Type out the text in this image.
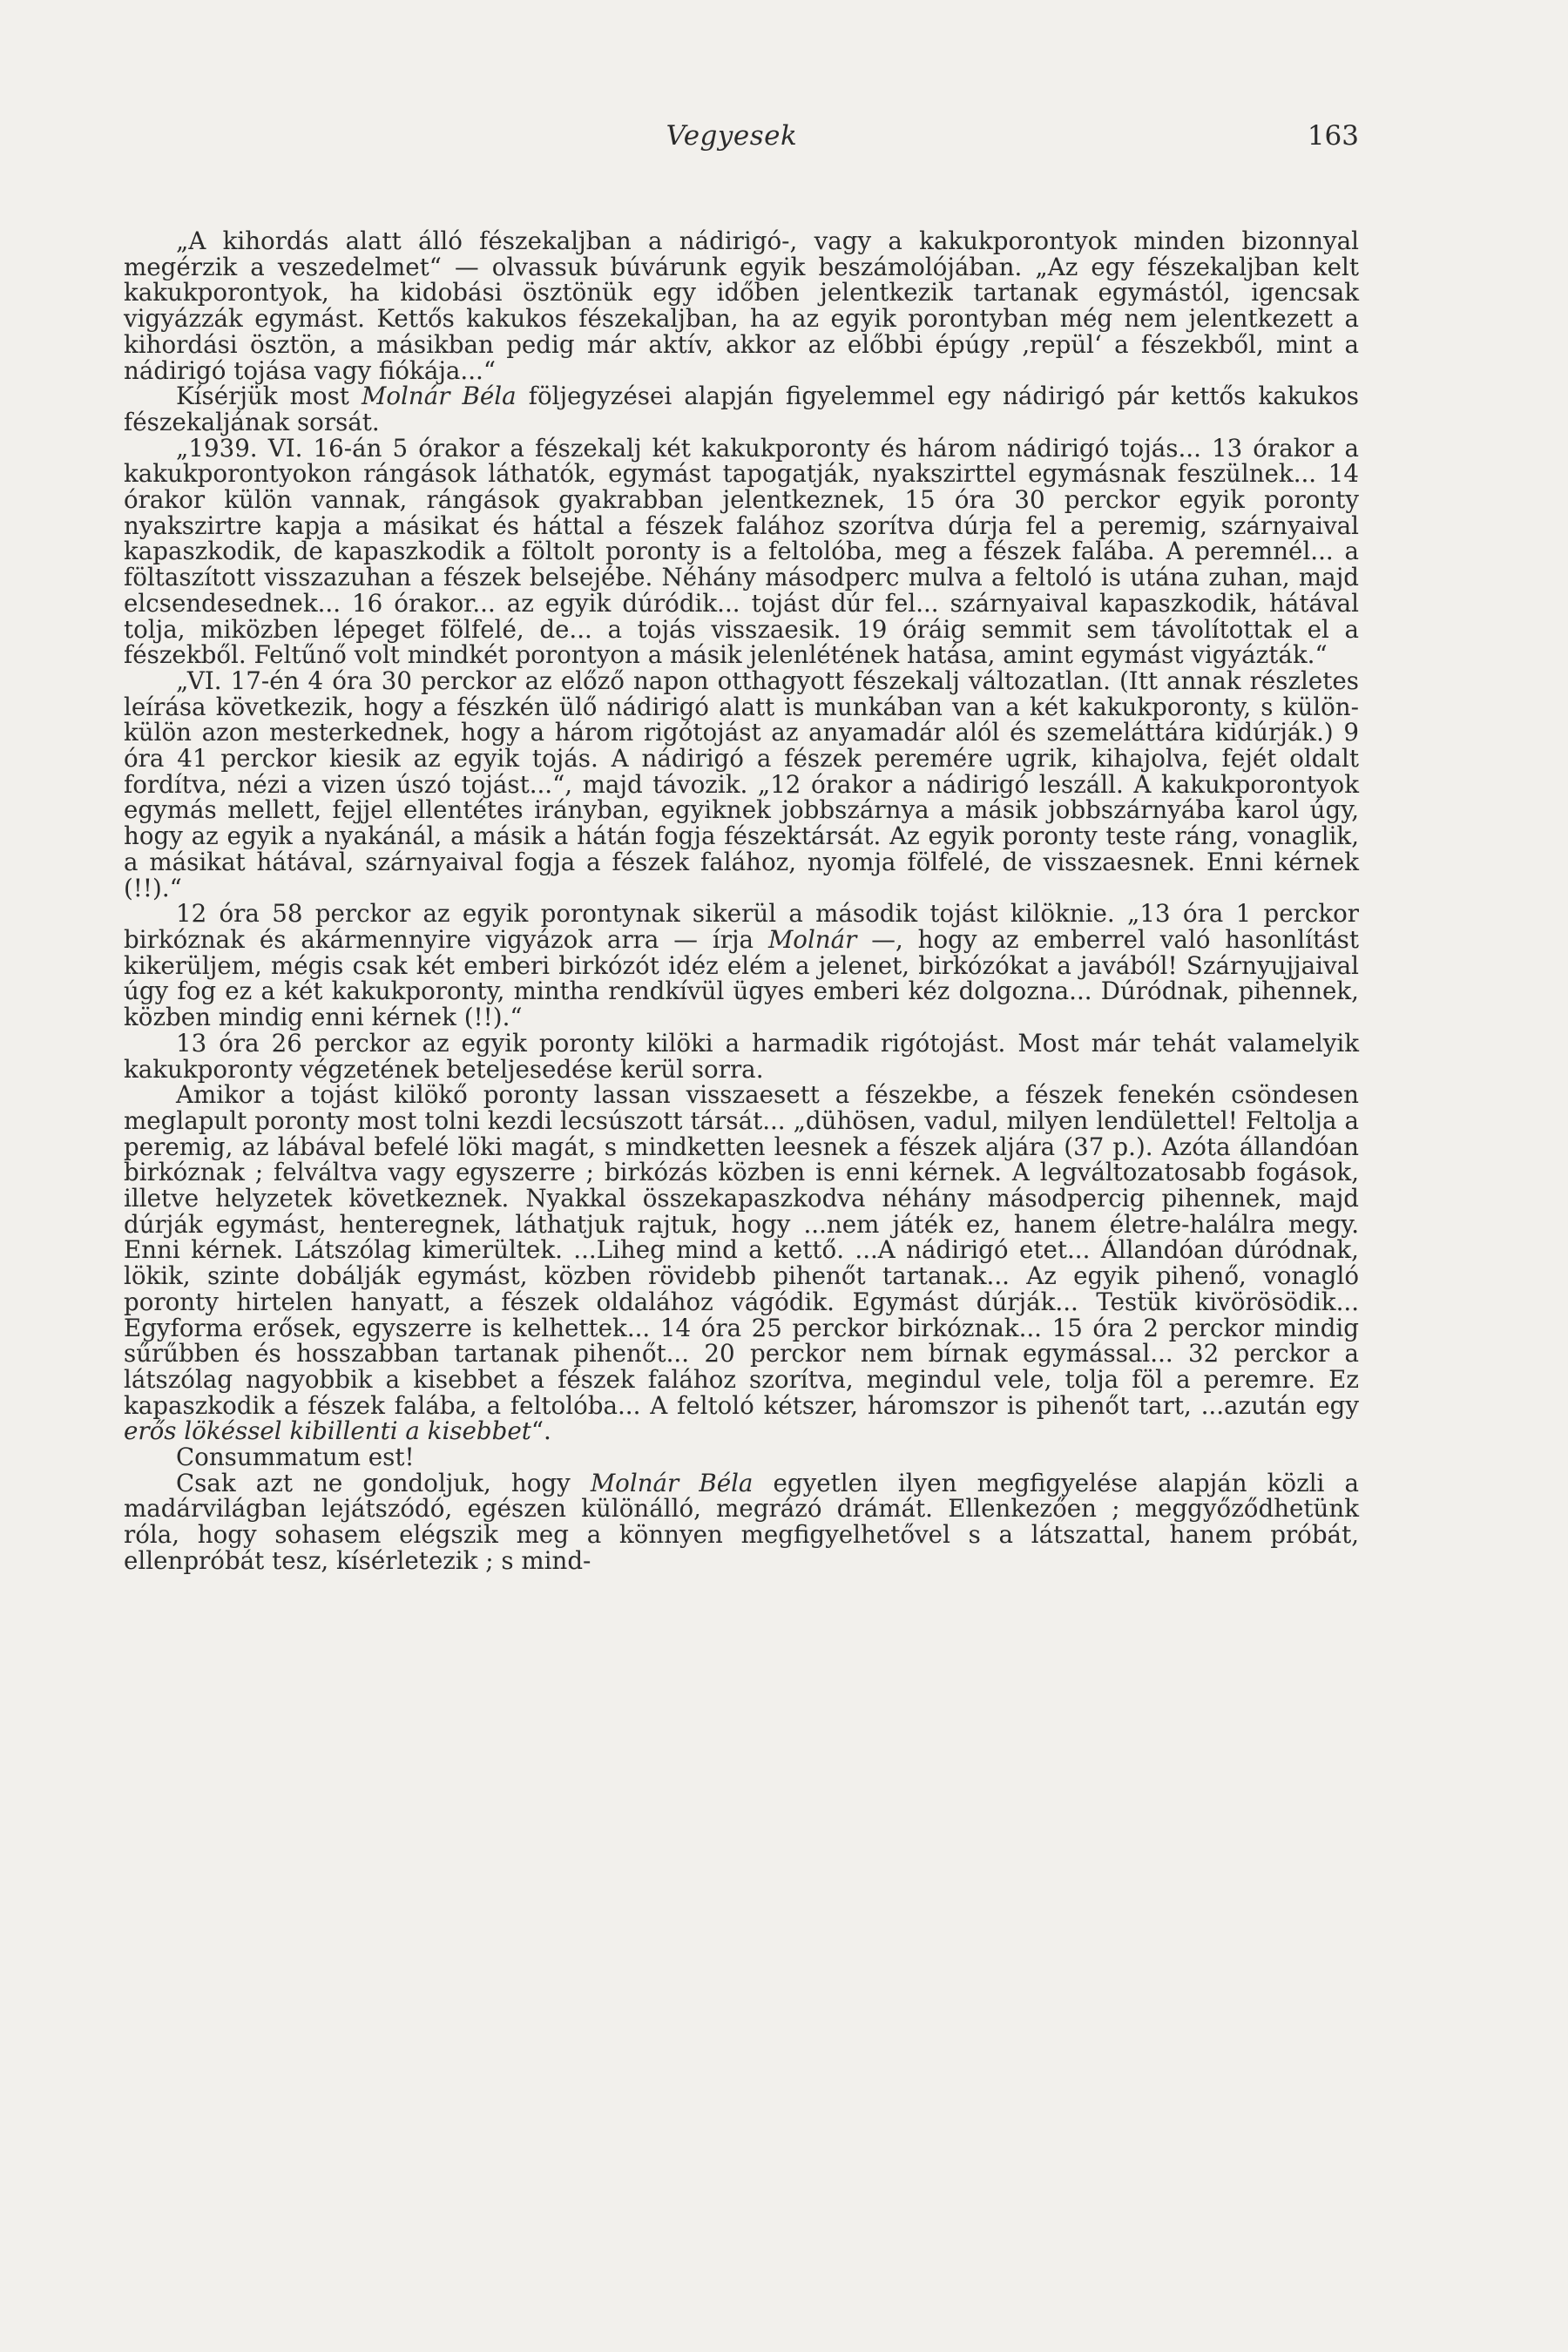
Vegyesek	163

„A kihordás alatt álló fészekaljban a nádirigó-, vagy a kakukporontyok minden bizonnyal megérzik a veszedelmet“ — olvassuk búvárunk egyik beszámolójában. „Az egy fészekaljban kelt kakukporontyok, ha kidobási ösztönük egy időben jelentkezik tartanak egymástól, igencsak vigyázzák egymást. Kettős kakukos fészekaljban, ha az egyik porontyban még nem jelentkezett a kihordási ösztön, a másikban pedig már aktív, akkor az előbbi épúgy ‚repül‘ a fészekből, mint a nádirigó tojása vagy fiókája...“

Kísérjük most Molnár Béla följegyzései alapján figyelemmel egy nádirigó pár kettős kakukos fészekaljának sorsát.

„1939. VI. 16-án 5 órakor a fészekalj két kakukporonty és három nádirigó tojás... 13 órakor a kakukporontyokon rángások láthatók, egymást tapogatják, nyakszirttel egymásnak feszülnek... 14 órakor külön vannak, rángások gyakrabban jelentkeznek, 15 óra 30 perckor egyik poronty nyakszirtre kapja a másikat és háttal a fészek falához szorítva dúrja fel a peremig, szárnyaival kapaszkodik, de kapaszkodik a föltolt poronty is a feltolóba, meg a fészek falába. A peremnél... a föltaszított visszazuhan a fészek belsejébe. Néhány másodperc mulva a feltoló is utána zuhan, majd elcsendesednek... 16 órakor... az egyik dúródik... tojást dúr fel... szárnyaival kapaszkodik, hátával tolja, miközben lépeget fölfelé, de... a tojás visszaesik. 19 óráig semmit sem távolítottak el a fészekből. Feltűnő volt mindkét porontyon a másik jelenlétének hatása, amint egymást vigyázták.“

„VI. 17-én 4 óra 30 perckor az előző napon otthagyott fészekalj változatlan. (Itt annak részletes leírása következik, hogy a fészkén ülő nádirigó alatt is munkában van a két kakukporonty, s külön-külön azon mesterkednek, hogy a három rigótojást az anyamadár alól és szemeláttára kidúrják.) 9 óra 41 perckor kiesik az egyik tojás. A nádirigó a fészek peremére ugrik, kihajolva, fejét oldalt fordítva, nézi a vizen úszó tojást...“, majd távozik. „12 órakor a nádirigó leszáll. A kakukporontyok egymás mellett, fejjel ellentétes irányban, egyiknek jobbszárnya a másik jobbszárnyába karol úgy, hogy az egyik a nyakánál, a másik a hátán fogja fészektársát. Az egyik poronty teste ráng, vonaglik, a másikat hátával, szárnyaival fogja a fészek falához, nyomja fölfelé, de visszaesnek. Enni kérnek (!!).“

12 óra 58 perckor az egyik porontynak sikerül a második tojást kilöknie. „13 óra 1 perckor birkóznak és akármennyire vigyázok arra — írja Molnár —, hogy az emberrel való hasonlítást kikerüljem, mégis csak két emberi birkózót idéz elém a jelenet, birkózókat a javából! Szárnyujjaival úgy fog ez a két kakukporonty, mintha rendkívül ügyes emberi kéz dolgozna... Dúródnak, pihennek, közben mindig enni kérnek (!!).“

13 óra 26 perckor az egyik poronty kilöki a harmadik rigótojást. Most már tehát valamelyik kakukporonty végzetének beteljesedése kerül sorra.

Amikor a tojást kilökő poronty lassan visszaesett a fészekbe, a fészek fenekén csöndesen meglapult poronty most tolni kezdi lecsúszott társát... „dühösen, vadul, milyen lendülettel! Feltolja a peremig, az lábával befelé löki magát, s mindketten leesnek a fészek aljára (37 p.). Azóta állandóan birkóznak ; felváltva vagy egyszerre ; birkózás közben is enni kérnek. A legváltozatosabb fogások, illetve helyzetek következnek. Nyakkal összekapaszkodva néhány másodpercig pihennek, majd dúrják egymást, henteregnek, láthatjuk rajtuk, hogy ...nem játék ez, hanem életre-halálra megy. Enni kérnek. Látszólag kimerültek. ...Liheg mind a kettő. ...A nádirigó etet... Állandóan dúródnak, lökik, szinte dobálják egymást, közben rövidebb pihenőt tartanak... Az egyik pihenő, vonagló poronty hirtelen hanyatt, a fészek oldalához vágódik. Egymást dúrják... Testük kivörösödik... Egyforma erősek, egyszerre is kelhettek... 14 óra 25 perckor birkóznak... 15 óra 2 perckor mindig sűrűbben és hosszabban tartanak pihenőt... 20 perckor nem bírnak egymással... 32 perckor a látszólag nagyobbik a kisebbet a fészek falához szorítva, megindul vele, tolja föl a peremre. Ez kapaszkodik a fészek falába, a feltolóba... A feltoló kétszer, háromszor is pihenőt tart, ...azután egy erős lökéssel kibillenti a kisebbet“.

Consummatum est!

Csak azt ne gondoljuk, hogy Molnár Béla egyetlen ilyen megfigyelése alapján közli a madárvilágban lejátszódó, egészen különálló, megrázó drámát. Ellenkezően ; meggyőződhetünk róla, hogy sohasem elégszik meg a könnyen megfigyelhetővel s a látszattal, hanem próbát, ellenpróbát tesz, kísérletezik ; s mind-
